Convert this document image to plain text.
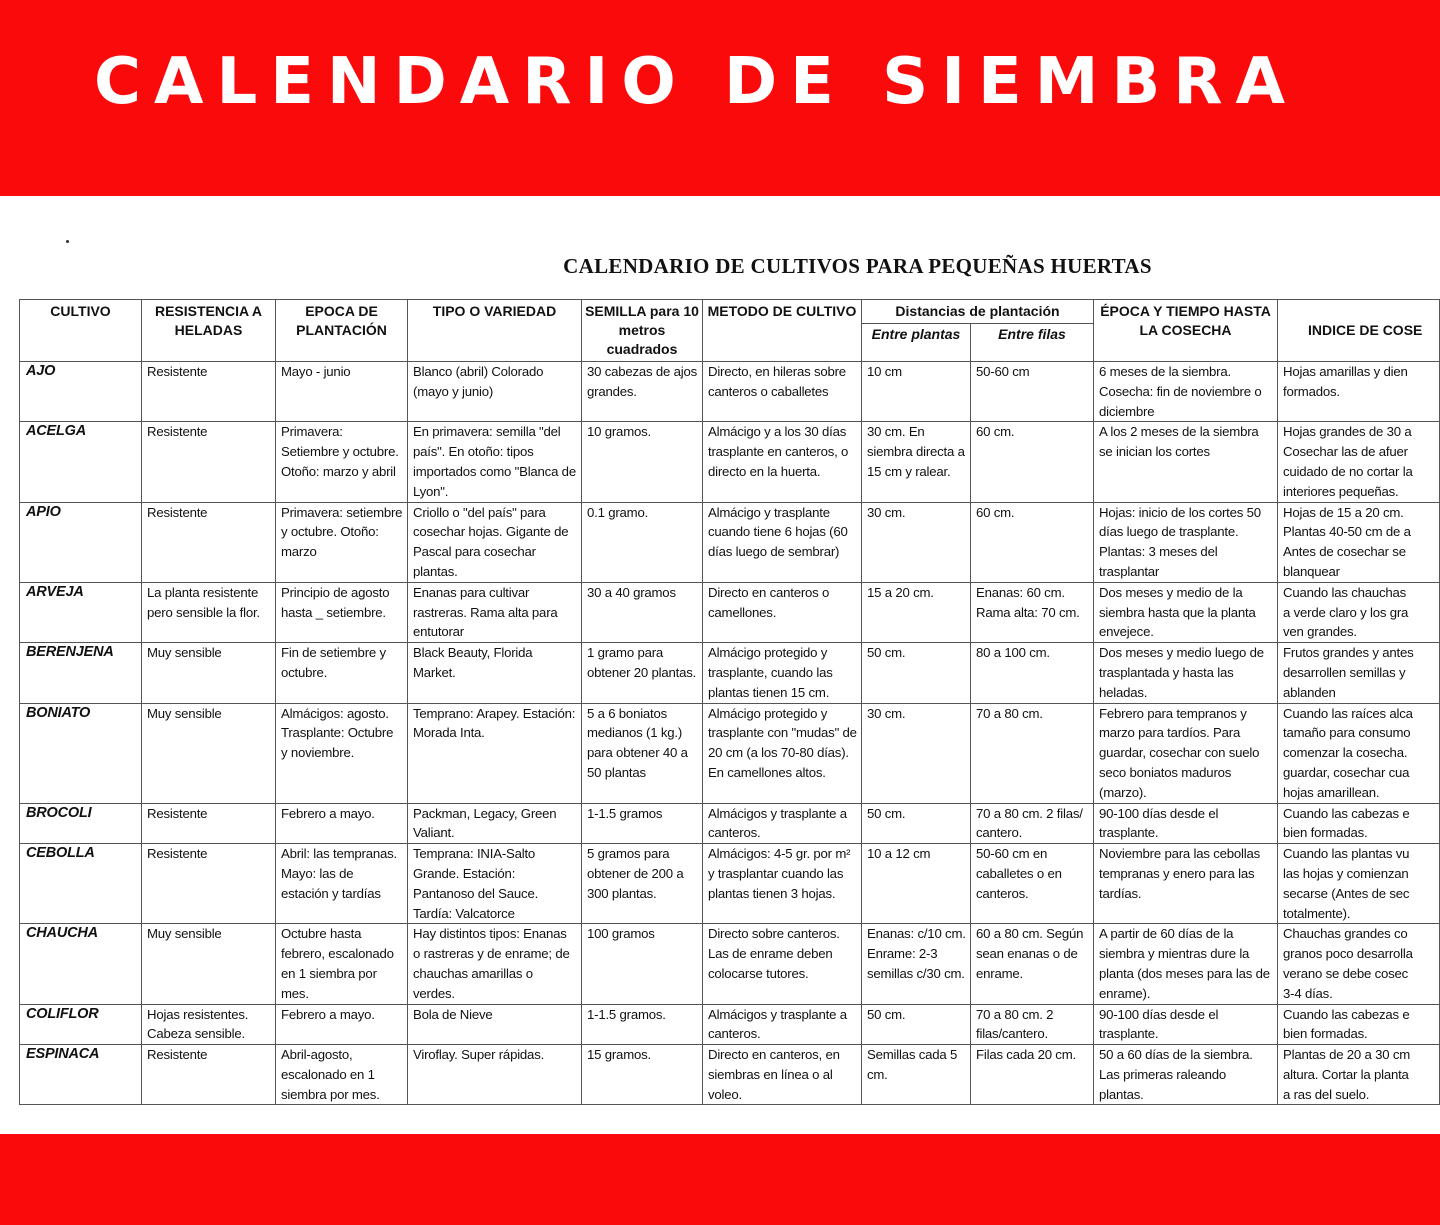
CALENDARIO DE SIEMBRA
CALENDARIO DE CULTIVOS PARA PEQUEÑAS HUERTAS
CULTIVO	RESISTENCIA A HELADAS	EPOCA DE PLANTACIÓN	TIPO O VARIEDAD	SEMILLA para 10 metros cuadrados	METODO DE CULTIVO	Distancias de plantación		ÉPOCA Y TIEMPO HASTA LA COSECHA	INDICE DE COSE
						Entre plantas	Entre filas		

AJO	Resistente	Mayo - junio	Blanco (abril) Colorado (mayo y junio)	30 cabezas de ajos grandes.	Directo, en hileras sobre canteros o caballetes	10 cm	50-60 cm	6 meses de la siembra. Cosecha: fin de noviembre o diciembre	Hojas amarillas y dien
formados.

ACELGA	Resistente	Primavera: Setiembre y octubre. Otoño: marzo y abril	En primavera: semilla "del país". En otoño: tipos importados como "Blanca de Lyon".	10 gramos.	Almácigo y a los 30 días trasplante en canteros, o directo en la huerta.	30 cm. En siembra directa a 15 cm y ralear.	60 cm.	A los 2 meses de la siembra se inician los cortes	Hojas grandes de 30 a
Cosechar las de afuer
cuidado de no cortar la
interiores pequeñas.

APIO	Resistente	Primavera: setiembre y octubre. Otoño: marzo	Criollo o "del país" para cosechar hojas. Gigante de Pascal para cosechar plantas.	0.1 gramo.	Almácigo y trasplante cuando tiene 6 hojas (60 días luego de sembrar)	30 cm.	60 cm.	Hojas: inicio de los cortes 50 días luego de trasplante. Plantas: 3 meses del trasplantar	Hojas de 15 a 20 cm.
Plantas 40-50 cm de a
Antes de cosechar se
blanquear

ARVEJA	La planta resistente pero sensible la flor.	Principio de agosto hasta _ setiembre.	Enanas para cultivar rastreras. Rama alta para entutorar	30 a 40 gramos	Directo en canteros o camellones.	15 a 20 cm.	Enanas: 60 cm. Rama alta: 70 cm.	Dos meses y medio de la siembra hasta que la planta envejece.	Cuando las chauchas
a verde claro y los gra
ven grandes.

BERENJENA	Muy sensible	Fin de setiembre y octubre.	Black Beauty, Florida Market.	1 gramo para obtener 20 plantas.	Almácigo protegido y trasplante, cuando las plantas tienen 15 cm.	50 cm.	80 a 100 cm.	Dos meses y medio luego de trasplantada y hasta las heladas.	Frutos grandes y antes
desarrollen semillas y
ablanden

BONIATO	Muy sensible	Almácigos: agosto. Trasplante: Octubre y noviembre.	Temprano: Arapey. Estación: Morada Inta.	5 a 6 boniatos medianos (1 kg.) para obtener 40 a 50 plantas	Almácigo protegido y trasplante con "mudas" de 20 cm (a los 70-80 días). En camellones altos.	30 cm.	70 a 80 cm.	Febrero para tempranos y marzo para tardíos. Para guardar, cosechar con suelo seco boniatos maduros (marzo).	Cuando las raíces alca
tamaño para consumo
comenzar la cosecha.
guardar, cosechar cua
hojas amarillean.

BROCOLI	Resistente	Febrero a mayo.	Packman, Legacy, Green Valiant.	1-1.5 gramos	Almácigos y trasplante a canteros.	50 cm.	70 a 80 cm. 2 filas/ cantero.	90-100 días desde el trasplante.	Cuando las cabezas e
bien formadas.

CEBOLLA	Resistente	Abril: las tempranas. Mayo: las de estación y tardías	Temprana: INIA-Salto Grande. Estación: Pantanoso del Sauce. Tardía: Valcatorce	5 gramos para obtener de 200 a 300 plantas.	Almácigos: 4-5 gr. por m² y trasplantar cuando las plantas tienen 3 hojas.	10 a 12 cm	50-60 cm en caballetes o en canteros.	Noviembre para las cebollas tempranas y enero para las tardías.	Cuando las plantas vu
las hojas y comienzan
secarse (Antes de sec
totalmente).

CHAUCHA	Muy sensible	Octubre hasta febrero, escalonado en 1 siembra por mes.	Hay distintos tipos: Enanas o rastreras y de enrame; de chauchas amarillas o verdes.	100 gramos	Directo sobre canteros. Las de enrame deben colocarse tutores.	Enanas: c/10 cm. Enrame: 2-3 semillas c/30 cm.	60 a 80 cm. Según sean enanas o de enrame.	A partir de 60 días de la siembra y mientras dure la planta (dos meses para las de enrame).	Chauchas grandes co
granos poco desarrolla
verano se debe cosec
3-4 días.

COLIFLOR	Hojas resistentes. Cabeza sensible.	Febrero a mayo.	Bola de Nieve	1-1.5 gramos.	Almácigos y trasplante a canteros.	50 cm.	70 a 80 cm. 2 filas/cantero.	90-100 días desde el trasplante.	Cuando las cabezas e
bien formadas.

ESPINACA	Resistente	Abril-agosto, escalonado en 1 siembra por mes.	Viroflay. Super rápidas.	15 gramos.	Directo en canteros, en siembras en línea o al voleo.	Semillas cada 5 cm.	Filas cada 20 cm.	50 a 60 días de la siembra. Las primeras raleando plantas.	Plantas de 20 a 30 cm
altura. Cortar la planta
a ras del suelo.
